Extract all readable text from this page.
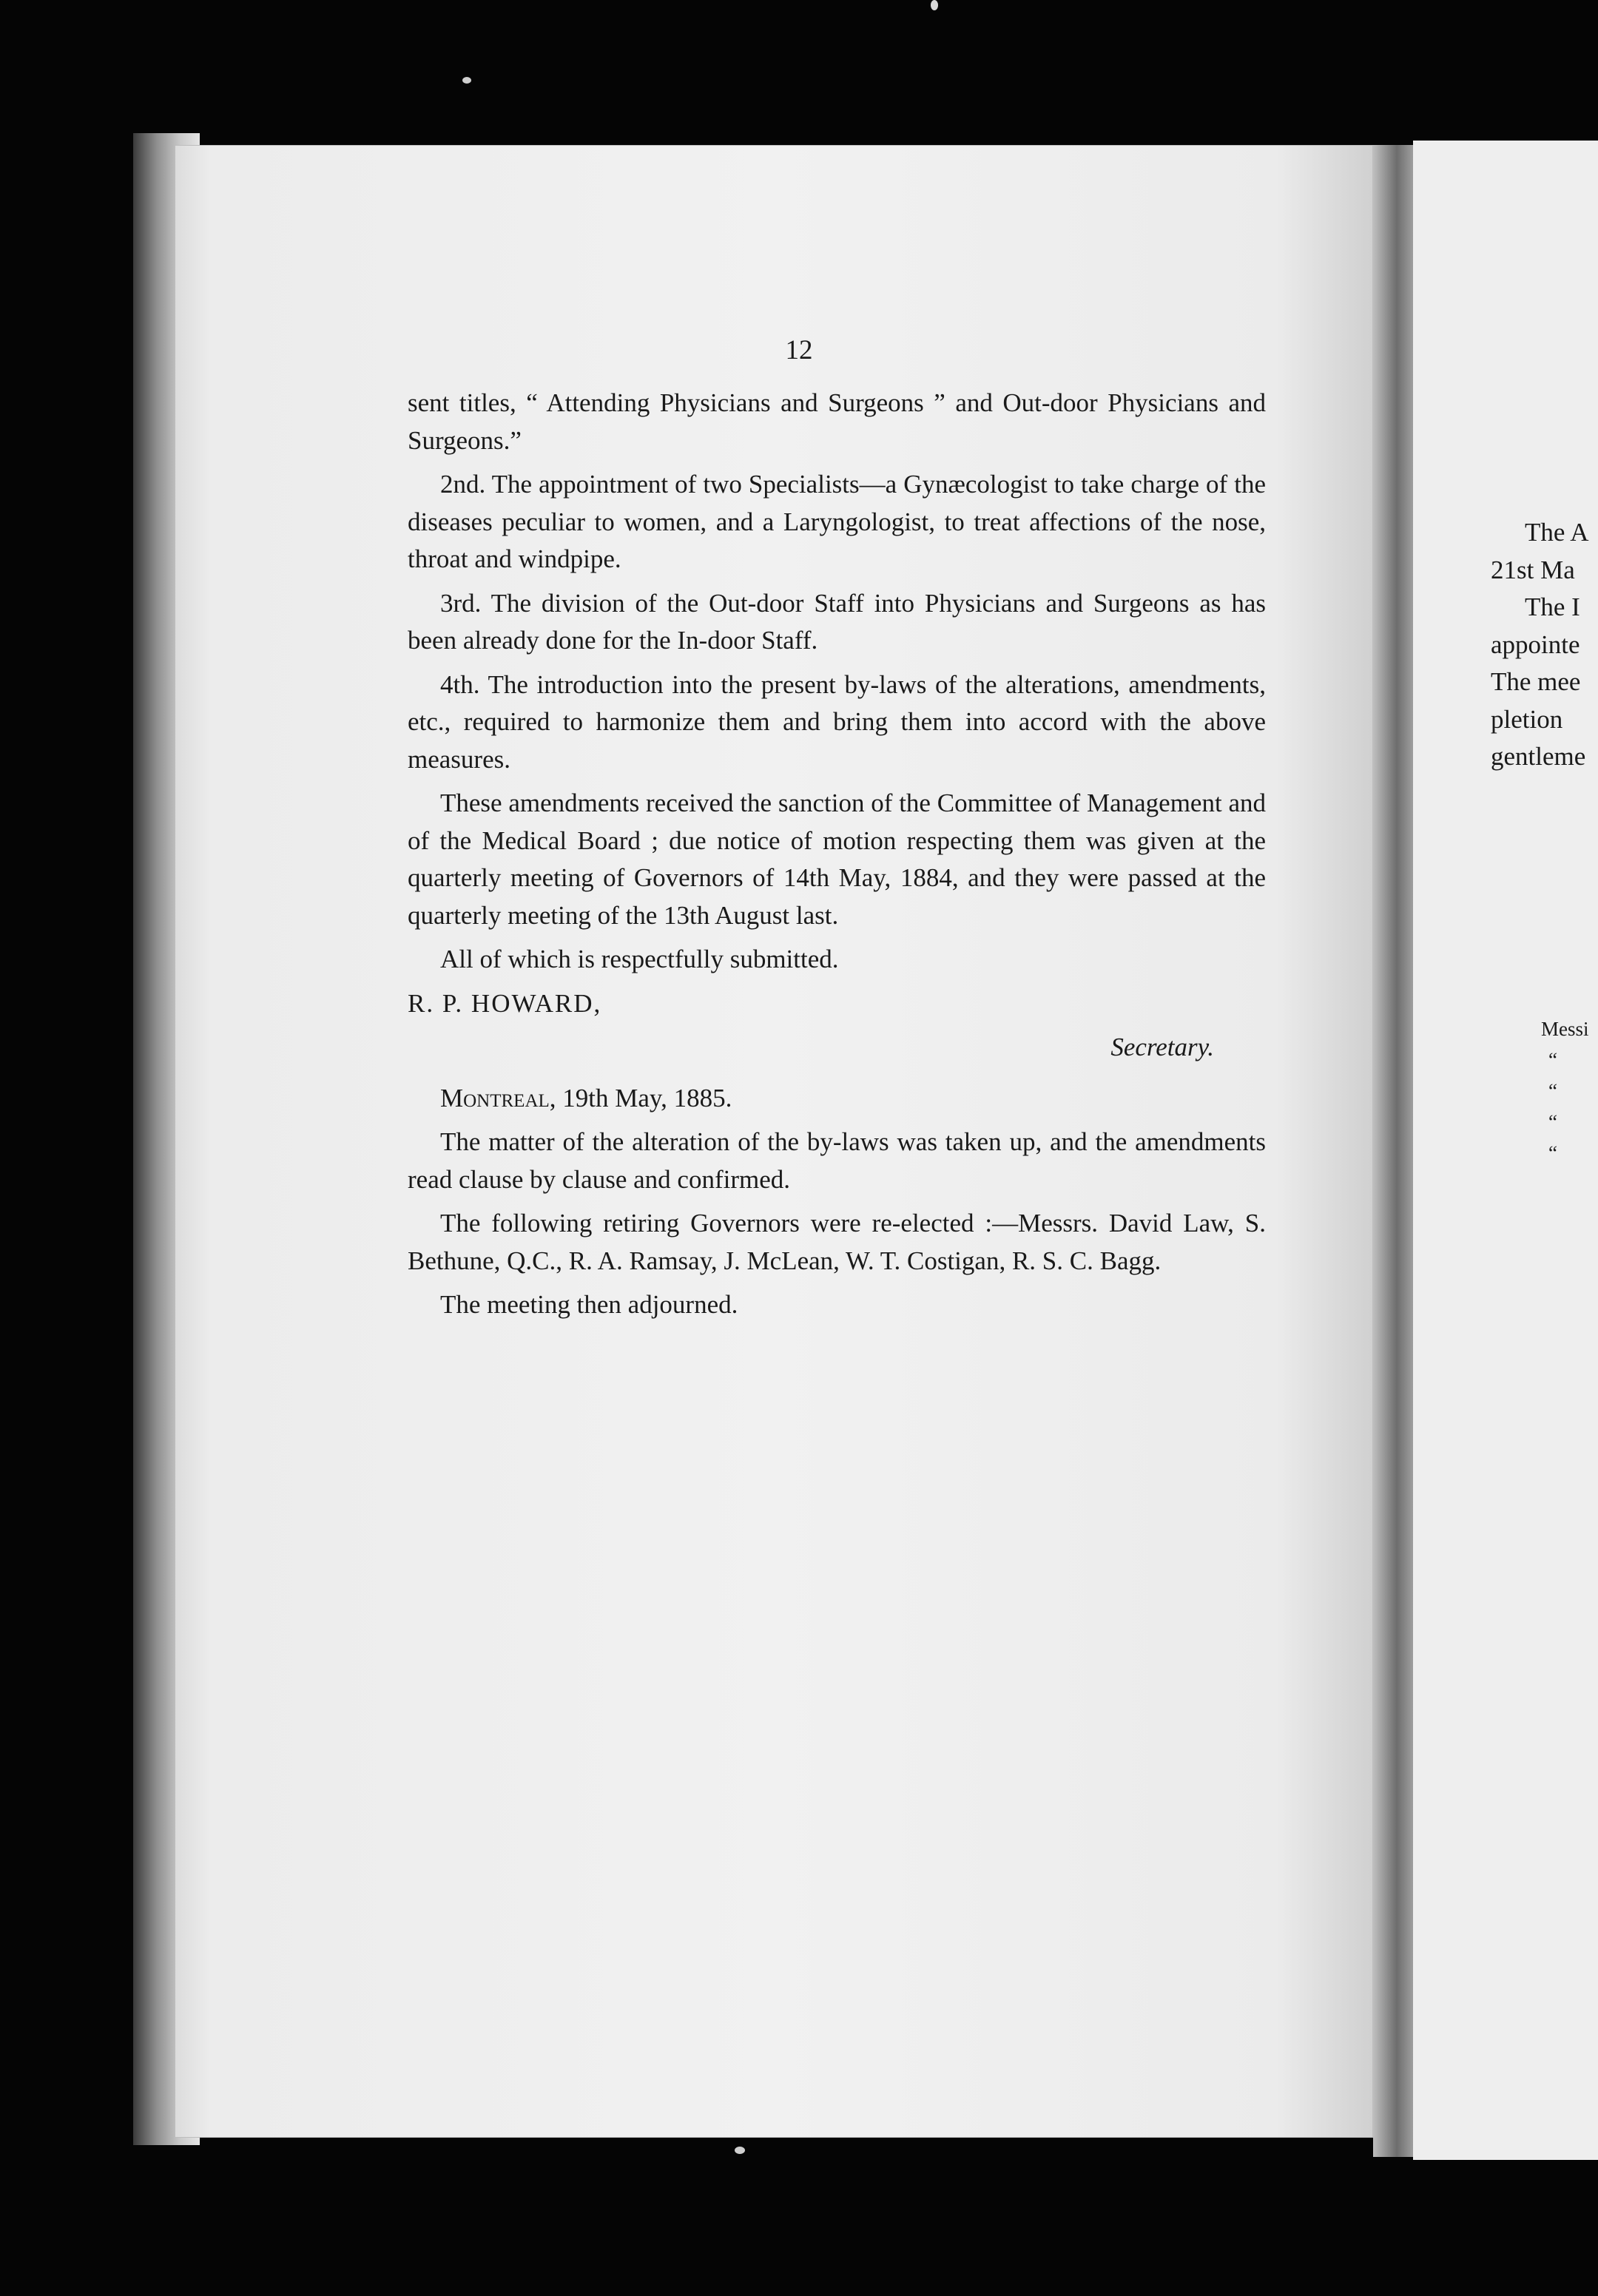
12

sent titles, “ Attending Physicians and Surgeons ” and Out-door Physicians and Surgeons.”

2nd. The appointment of two Specialists—a Gynæcologist to take charge of the diseases peculiar to women, and a Laryngologist, to treat affections of the nose, throat and windpipe.

3rd. The division of the Out-door Staff into Physicians and Surgeons as has been already done for the In-door Staff.

4th. The introduction into the present by-laws of the alterations, amendments, etc., required to harmonize them and bring them into accord with the above measures.

These amendments received the sanction of the Committee of Management and of the Medical Board ; due notice of motion respecting them was given at the quarterly meeting of Governors of 14th May, 1884, and they were passed at the quarterly meeting of the 13th August last.

All of which is respectfully submitted.

R. P. HOWARD,

Secretary.

Montreal, 19th May, 1885.

The matter of the alteration of the by-laws was taken up, and the amendments read clause by clause and confirmed.

The following retiring Governors were re-elected :—Messrs. David Law, S. Bethune, Q.C., R. A. Ramsay, J. McLean, W. T. Costigan, R. S. C. Bagg.

The meeting then adjourned.

The A
21st Ma
The I
appointe
The mee
pletion
gentleme
Messi
“
“
“
“
